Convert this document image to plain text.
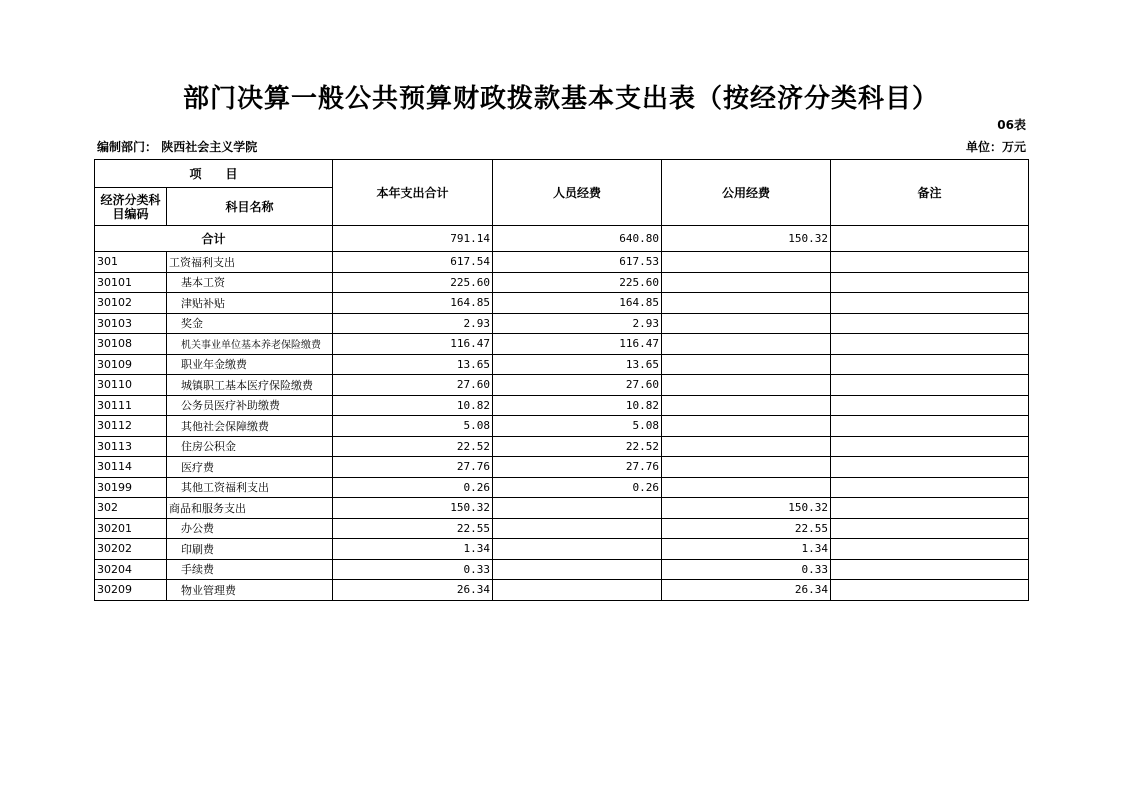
部门决算一般公共预算财政拨款基本支出表（按经济分类科目）
06表
编制部门： 陕西社会主义学院	单位：万元
项　　目		本年支出合计	人员经费	公用经费	备注
经济分类科目编码	科目名称				
合计		791.14	640.80	150.32	
301	工资福利支出	617.54	617.53		
30101	基本工资	225.60	225.60		
30102	津贴补贴	164.85	164.85		
30103	奖金	2.93	2.93		
30108	机关事业单位基本养老保险缴费	116.47	116.47		
30109	职业年金缴费	13.65	13.65		
30110	城镇职工基本医疗保险缴费	27.60	27.60		
30111	公务员医疗补助缴费	10.82	10.82		
30112	其他社会保障缴费	5.08	5.08		
30113	住房公积金	22.52	22.52		
30114	医疗费	27.76	27.76		
30199	其他工资福利支出	0.26	0.26		
302	商品和服务支出	150.32		150.32	
30201	办公费	22.55		22.55	
30202	印刷费	1.34		1.34	
30204	手续费	0.33		0.33	
30209	物业管理费	26.34		26.34	
